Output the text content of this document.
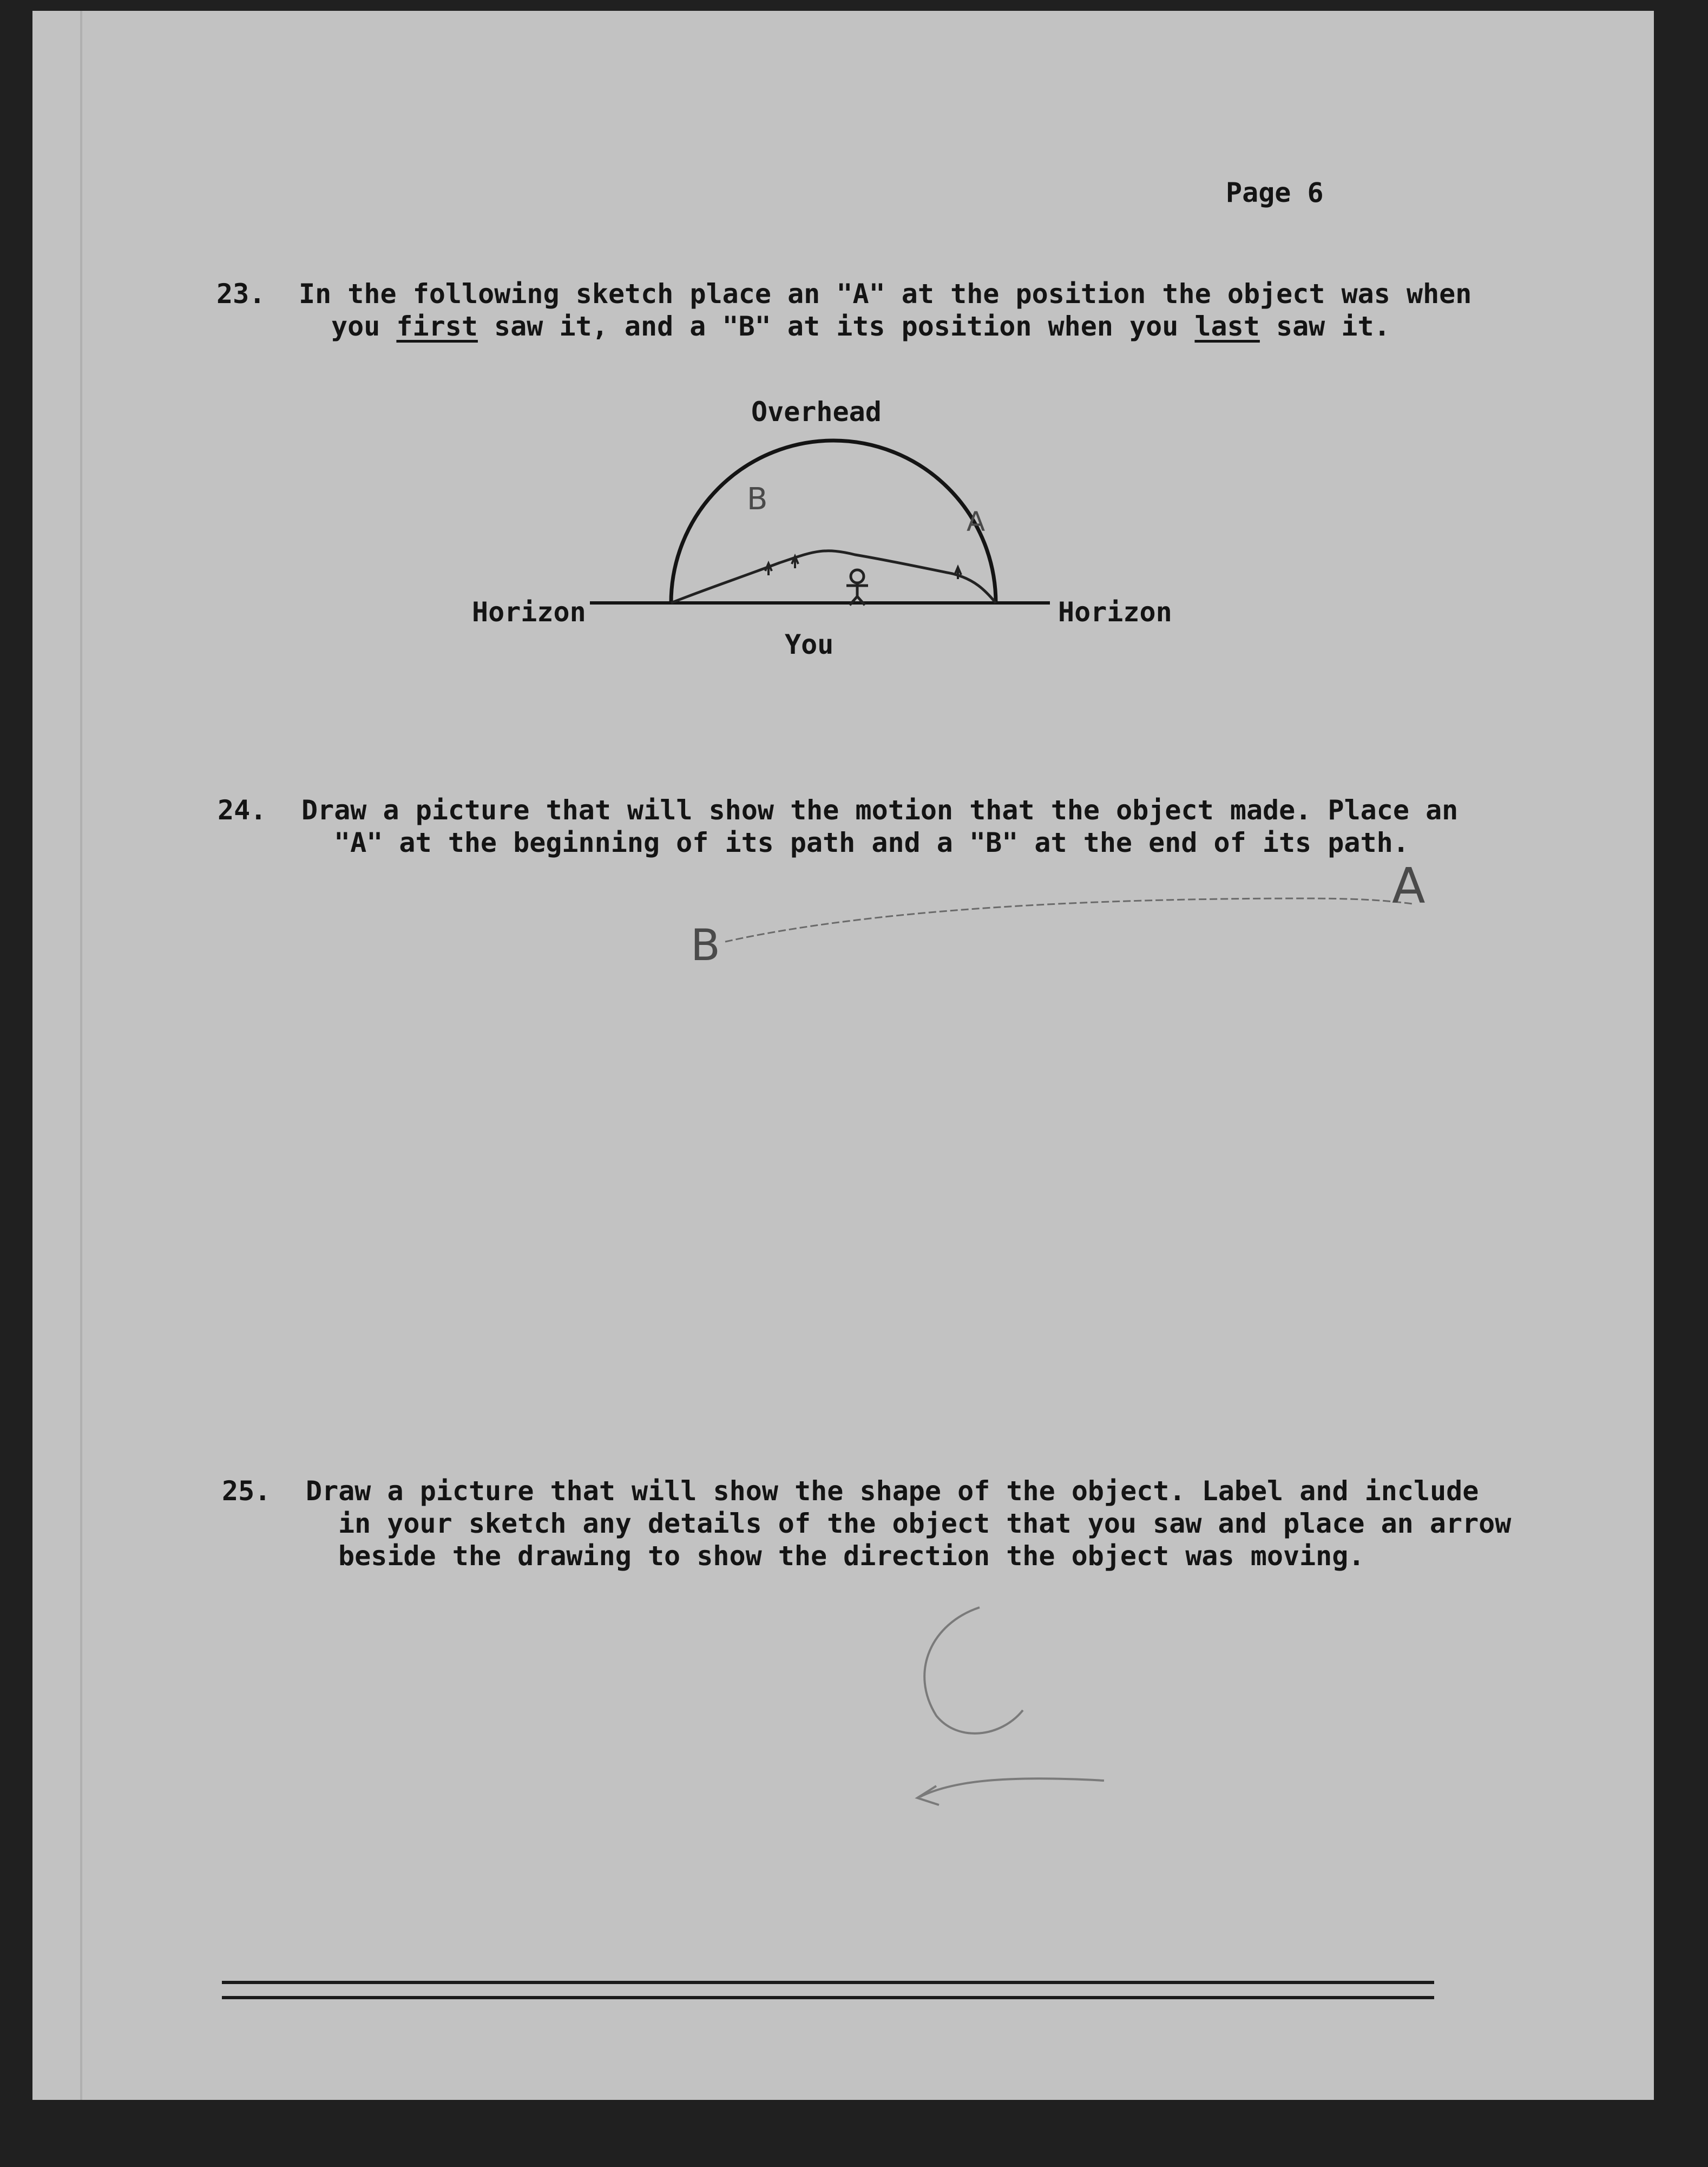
Page 6
23. In the following sketch place an "A" at the position the object was when
you first saw it, and a "B" at its position when you last saw it.
Overhead
Horizon	Horizon
You
B
A
24. Draw a picture that will show the motion that the object made. Place an
"A" at the beginning of its path and a "B" at the end of its path.
A
B
25. Draw a picture that will show the shape of the object. Label and include
in your sketch any details of the object that you saw and place an arrow
beside the drawing to show the direction the object was moving.
